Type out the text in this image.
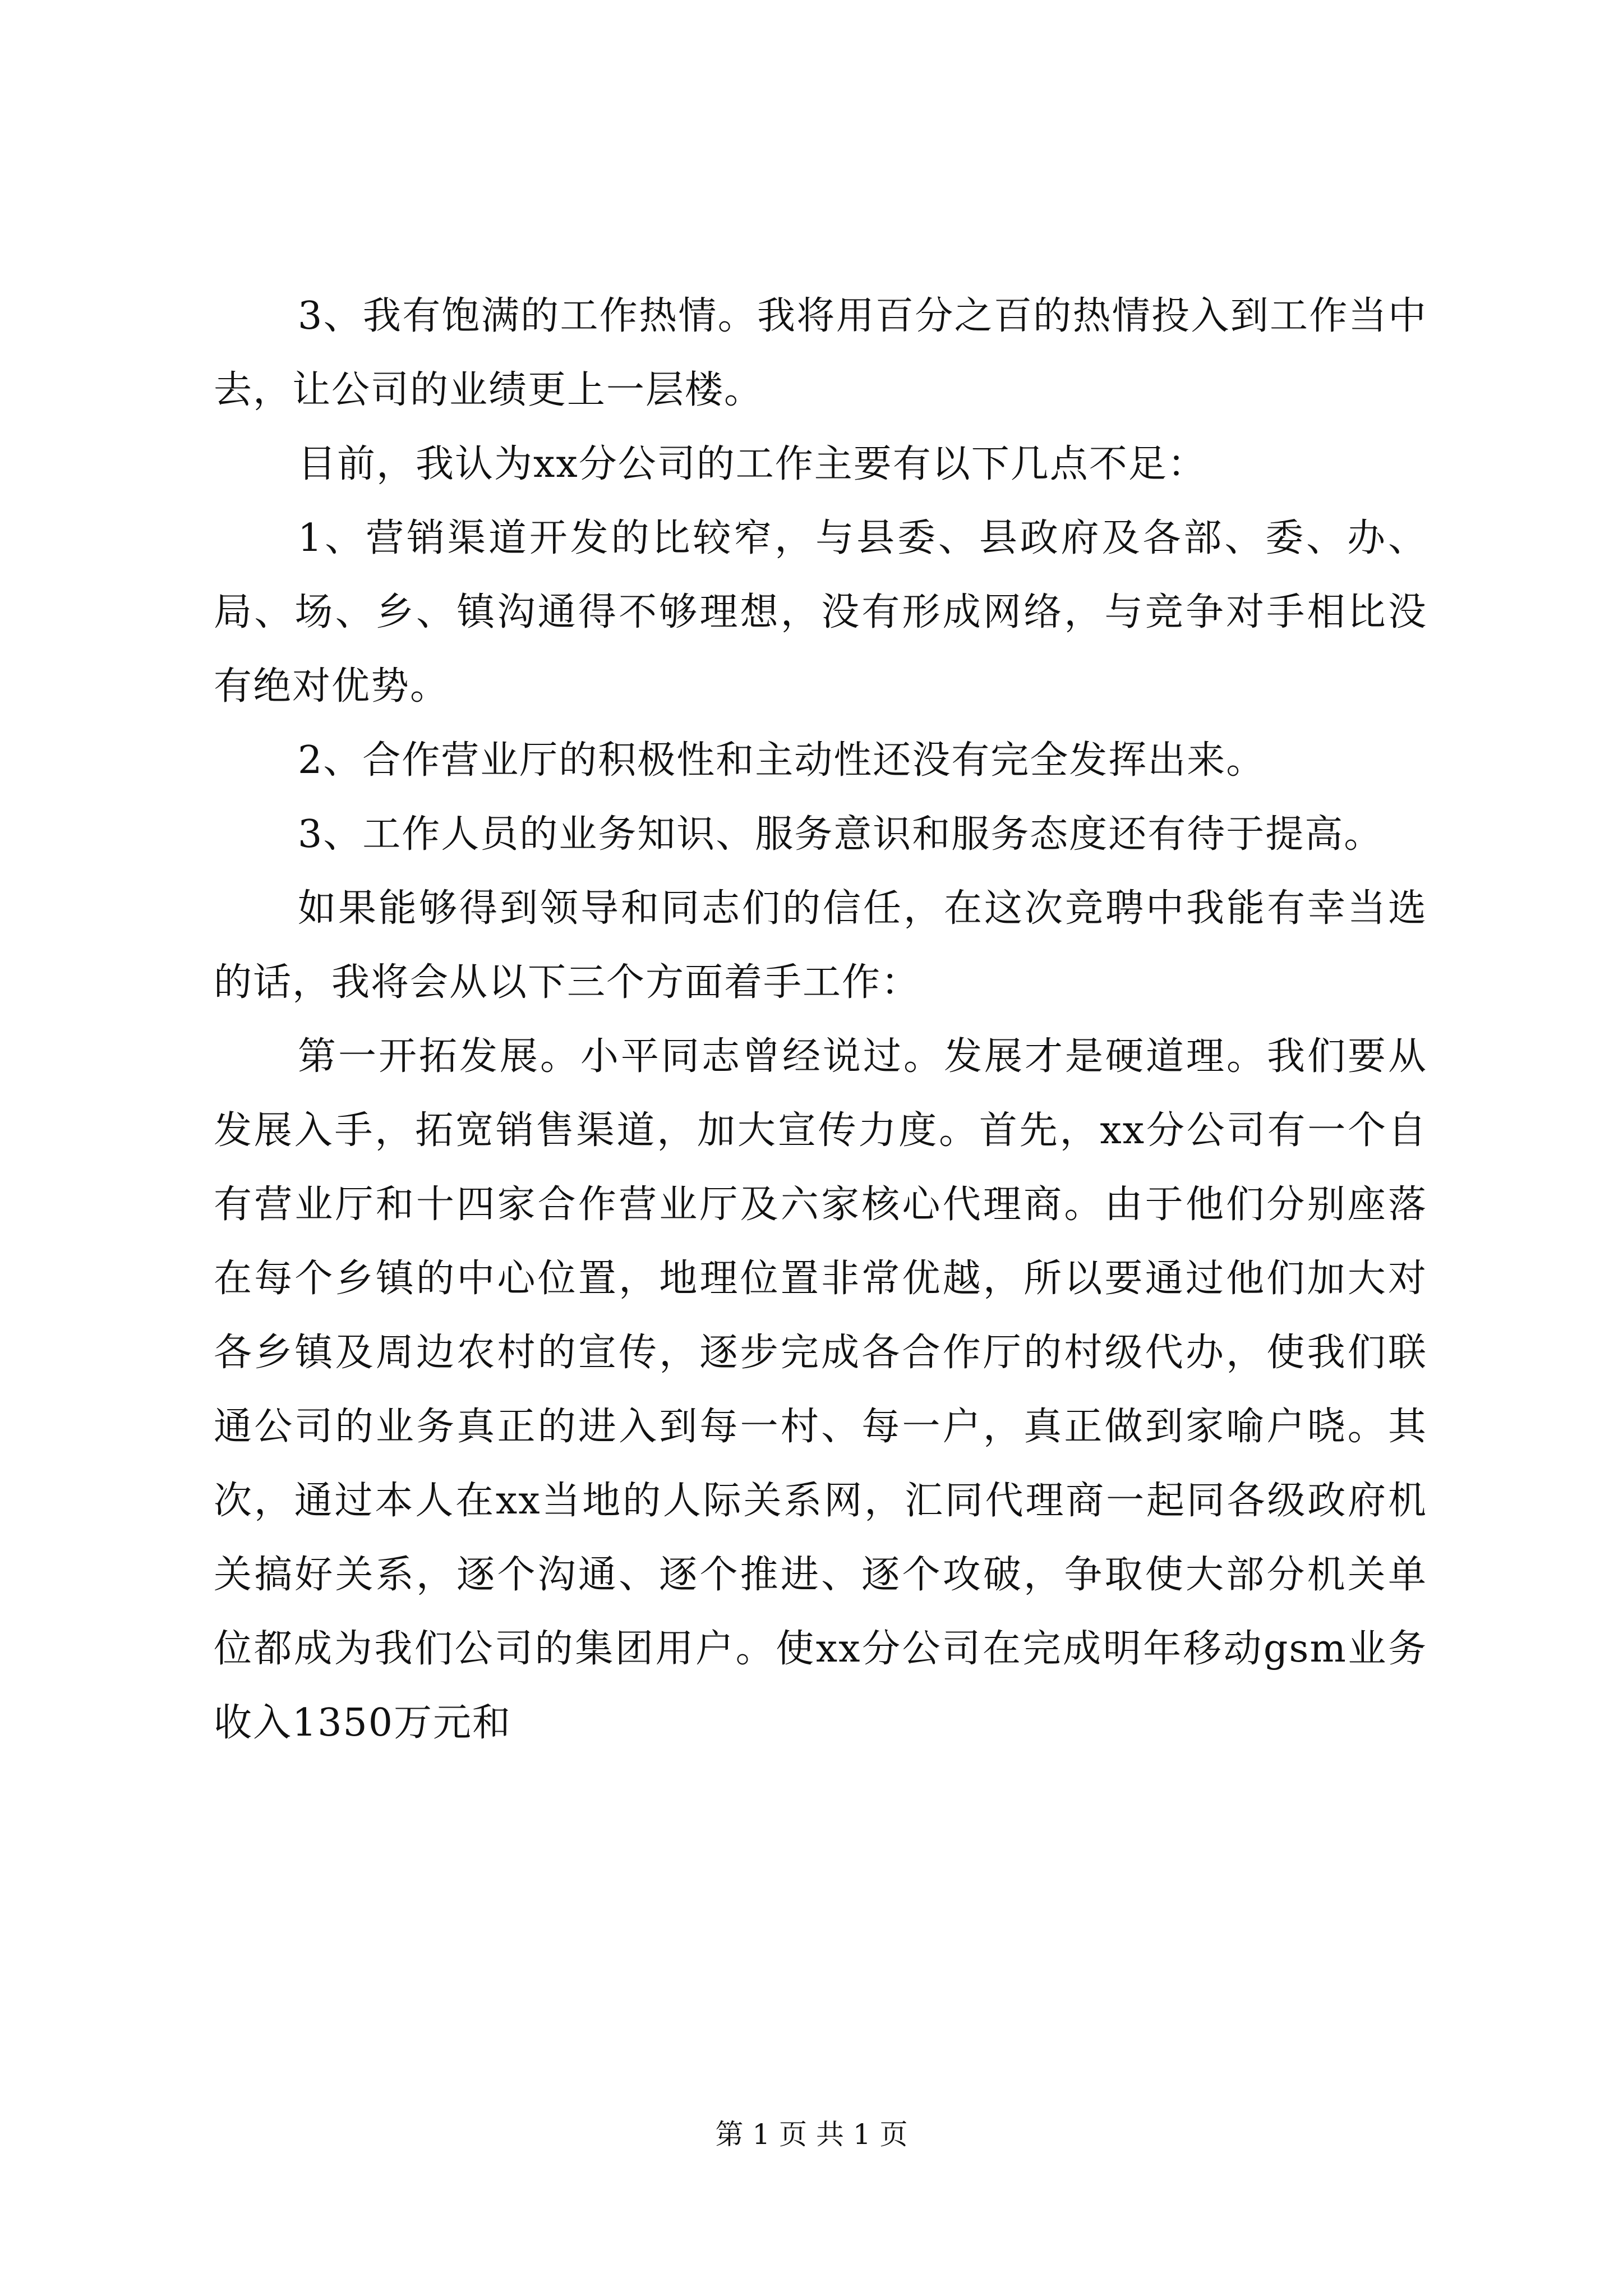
3、我有饱满的工作热情。我将用百分之百的热情投入到工作当中去，让公司的业绩更上一层楼。

目前，我认为xx分公司的工作主要有以下几点不足：

1、营销渠道开发的比较窄，与县委、县政府及各部、委、办、局、场、乡、镇沟通得不够理想，没有形成网络，与竞争对手相比没有绝对优势。

2、合作营业厅的积极性和主动性还没有完全发挥出来。

3、工作人员的业务知识、服务意识和服务态度还有待于提高。

如果能够得到领导和同志们的信任，在这次竞聘中我能有幸当选的话，我将会从以下三个方面着手工作：

第一开拓发展。小平同志曾经说过。发展才是硬道理。我们要从发展入手，拓宽销售渠道，加大宣传力度。首先，xx分公司有一个自有营业厅和十四家合作营业厅及六家核心代理商。由于他们分别座落在每个乡镇的中心位置，地理位置非常优越，所以要通过他们加大对各乡镇及周边农村的宣传，逐步完成各合作厅的村级代办，使我们联通公司的业务真正的进入到每一村、每一户，真正做到家喻户晓。其次，通过本人在xx当地的人际关系网，汇同代理商一起同各级政府机关搞好关系，逐个沟通、逐个推进、逐个攻破，争取使大部分机关单位都成为我们公司的集团用户。使xx分公司在完成明年移动gsm业务收入1350万元和

第 1 页 共 1 页
